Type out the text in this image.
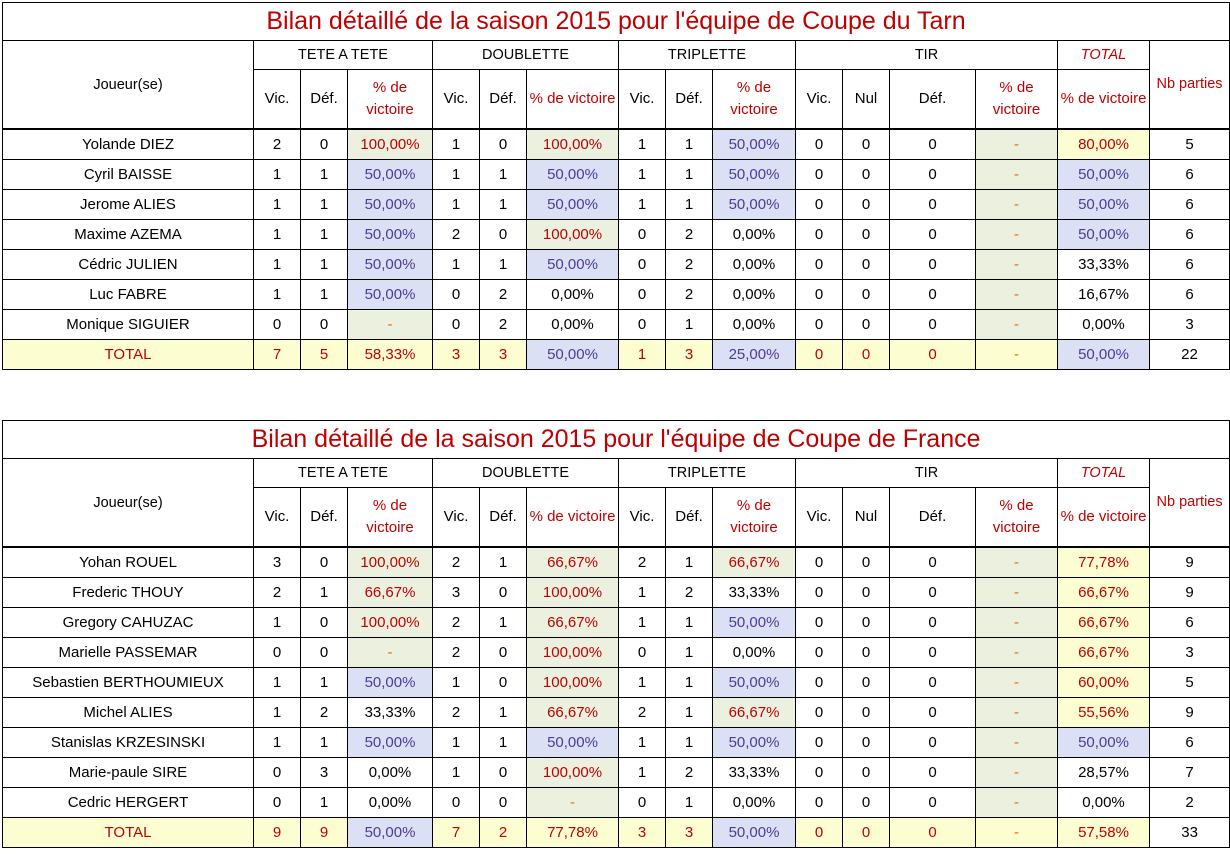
Bilan détaillé de la saison 2015 pour l'équipe de Coupe du Tarn															
Joueur(se)	TETE A TETE			DOUBLETTE			TRIPLETTE			TIR				TOTAL	Nb parties
	Vic.	Déf.	% de victoire	Vic.	Déf.	% de victoire	Vic.	Déf.	% de victoire	Vic.	Nul	Déf.	% de victoire	% de victoire	
Yolande DIEZ	2	0	100,00%	1	0	100,00%	1	1	50,00%	0	0	0	-	80,00%	5
Cyril BAISSE	1	1	50,00%	1	1	50,00%	1	1	50,00%	0	0	0	-	50,00%	6
Jerome ALIES	1	1	50,00%	1	1	50,00%	1	1	50,00%	0	0	0	-	50,00%	6
Maxime AZEMA	1	1	50,00%	2	0	100,00%	0	2	0,00%	0	0	0	-	50,00%	6
Cédric JULIEN	1	1	50,00%	1	1	50,00%	0	2	0,00%	0	0	0	-	33,33%	6
Luc FABRE	1	1	50,00%	0	2	0,00%	0	2	0,00%	0	0	0	-	16,67%	6
Monique SIGUIER	0	0	-	0	2	0,00%	0	1	0,00%	0	0	0	-	0,00%	3
TOTAL	7	5	58,33%	3	3	50,00%	1	3	25,00%	0	0	0	-	50,00%	22
Bilan détaillé de la saison 2015 pour l'équipe de Coupe de France															
Joueur(se)	TETE A TETE			DOUBLETTE			TRIPLETTE			TIR				TOTAL	Nb parties
	Vic.	Déf.	% de victoire	Vic.	Déf.	% de victoire	Vic.	Déf.	% de victoire	Vic.	Nul	Déf.	% de victoire	% de victoire	
Yohan ROUEL	3	0	100,00%	2	1	66,67%	2	1	66,67%	0	0	0	-	77,78%	9
Frederic THOUY	2	1	66,67%	3	0	100,00%	1	2	33,33%	0	0	0	-	66,67%	9
Gregory CAHUZAC	1	0	100,00%	2	1	66,67%	1	1	50,00%	0	0	0	-	66,67%	6
Marielle PASSEMAR	0	0	-	2	0	100,00%	0	1	0,00%	0	0	0	-	66,67%	3
Sebastien BERTHOUMIEUX	1	1	50,00%	1	0	100,00%	1	1	50,00%	0	0	0	-	60,00%	5
Michel ALIES	1	2	33,33%	2	1	66,67%	2	1	66,67%	0	0	0	-	55,56%	9
Stanislas KRZESINSKI	1	1	50,00%	1	1	50,00%	1	1	50,00%	0	0	0	-	50,00%	6
Marie-paule SIRE	0	3	0,00%	1	0	100,00%	1	2	33,33%	0	0	0	-	28,57%	7
Cedric HERGERT	0	1	0,00%	0	0	-	0	1	0,00%	0	0	0	-	0,00%	2
TOTAL	9	9	50,00%	7	2	77,78%	3	3	50,00%	0	0	0	-	57,58%	33
